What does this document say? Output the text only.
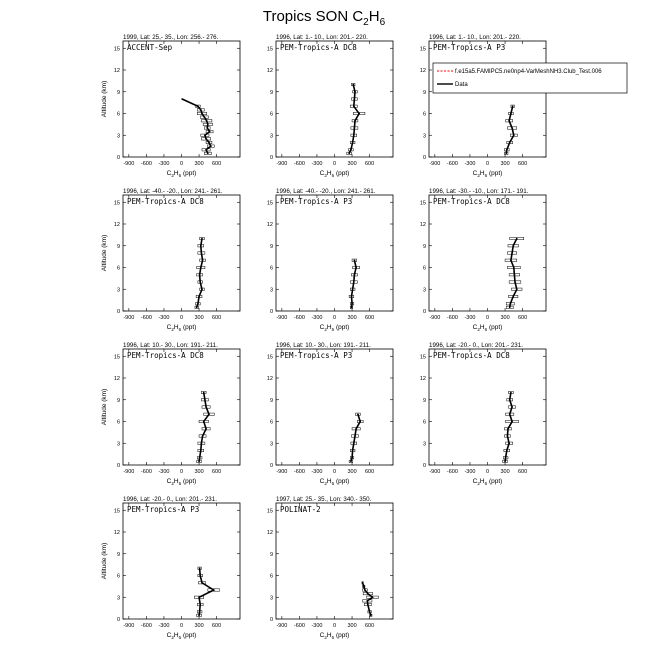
Tropics SON $C_2H_6$
1999, Lat: 25,- 35., Lon: 256.- 276.
ACCENT-Sep
-900 -600 -300 0 300 600
0
3
6
9
12
15
$C_2H_6$ (ppt)
Altitude (km)
1996, Lat: 1.- 10., Lon: 201.- 220.
PEM-Tropics-A DC8
-900 -600 -300 0 300 600
0
3
6
9
12
15
$C_2H_6$ (ppt)
1996, Lat: 1.- 10., Lon: 201.- 220.
PEM-Tropics-A P3
-900 -600 -300 0 300 600
0
3
6
9
12
15
$C_2H_6$ (ppt)
f.e15a5.FAMIPC5.ne0np4-VarMeshNH3.Club_Test.006
Data
1996, Lat: -40.- -20., Lon: 241.- 261.
PEM-Tropics-A DC8
-900 -600 -300 0 300 600
0
3
6
9
12
15
$C_2H_6$ (ppt)
Altitude (km)
1996, Lat: -40.- -20., Lon: 241.- 261.
PEM-Tropics-A P3
-900 -600 -300 0 300 600
0
3
6
9
12
15
$C_2H_6$ (ppt)
1996, Lat: -30.- -10., Lon: 171.- 191.
PEM-Tropics-A DC8
-900 -600 -300 0 300 600
0
3
6
9
12
15
$C_2H_6$ (ppt)
1996, Lat: 10.- 30., Lon: 191.- 211.
PEM-Tropics-A DC8
-900 -600 -300 0 300 600
0
3
6
9
12
15
$C_2H_6$ (ppt)
Altitude (km)
1996, Lat: 10.- 30., Lon: 191.- 211.
PEM-Tropics-A P3
-900 -600 -300 0 300 600
0
3
6
9
12
15
$C_2H_6$ (ppt)
1996, Lat: -20.- 0., Lon: 201.- 231.
PEM-Tropics-A DC8
-900 -600 -300 0 300 600
0
3
6
9
12
15
$C_2H_6$ (ppt)
1996, Lat: -20.- 0., Lon: 201.- 231.
PEM-Tropics-A P3
-900 -600 -300 0 300 600
0
3
6
9
12
15
$C_2H_6$ (ppt)
Altitude (km)
1997, Lat: 25.- 35., Lon: 340.- 350.
POLINAT-2
-900 -600 -300 0 300 600
0
3
6
9
12
15
$C_2H_6$ (ppt)
